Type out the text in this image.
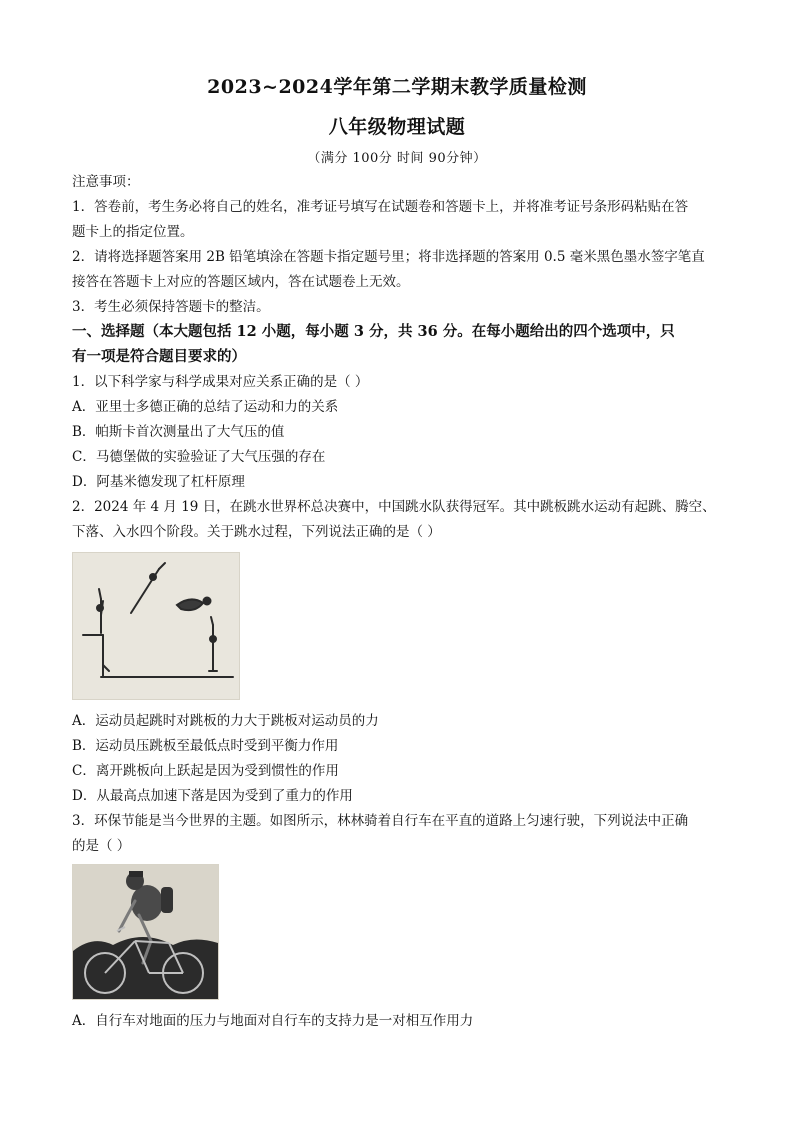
2023~2024学年第二学期末教学质量检测
八年级物理试题
（满分 100分 时间 90分钟）
注意事项：
1．答卷前，考生务必将自己的姓名，准考证号填写在试题卷和答题卡上，并将准考证号条形码粘贴在答
题卡上的指定位置。
2．请将选择题答案用 2B 铅笔填涂在答题卡指定题号里；将非选择题的答案用 0.5 毫米黑色墨水签字笔直
接答在答题卡上对应的答题区域内，答在试题卷上无效。
3．考生必须保持答题卡的整洁。
一、选择题（本大题包括 12 小题，每小题 3 分，共 36 分。在每小题给出的四个选项中，只
有一项是符合题目要求的）
1．以下科学家与科学成果对应关系正确的是（ ）
A．亚里士多德正确的总结了运动和力的关系
B．帕斯卡首次测量出了大气压的值
C．马德堡做的实验验证了大气压强的存在
D．阿基米德发现了杠杆原理
2．2024 年 4 月 19 日，在跳水世界杯总决赛中，中国跳水队获得冠军。其中跳板跳水运动有起跳、腾空、
下落、入水四个阶段。关于跳水过程，下列说法正确的是（ ）
A．运动员起跳时对跳板的力大于跳板对运动员的力
B．运动员压跳板至最低点时受到平衡力作用
C．离开跳板向上跃起是因为受到惯性的作用
D．从最高点加速下落是因为受到了重力的作用
3．环保节能是当今世界的主题。如图所示，林林骑着自行车在平直的道路上匀速行驶，下列说法中正确
的是（ ）
A．自行车对地面的压力与地面对自行车的支持力是一对相互作用力
